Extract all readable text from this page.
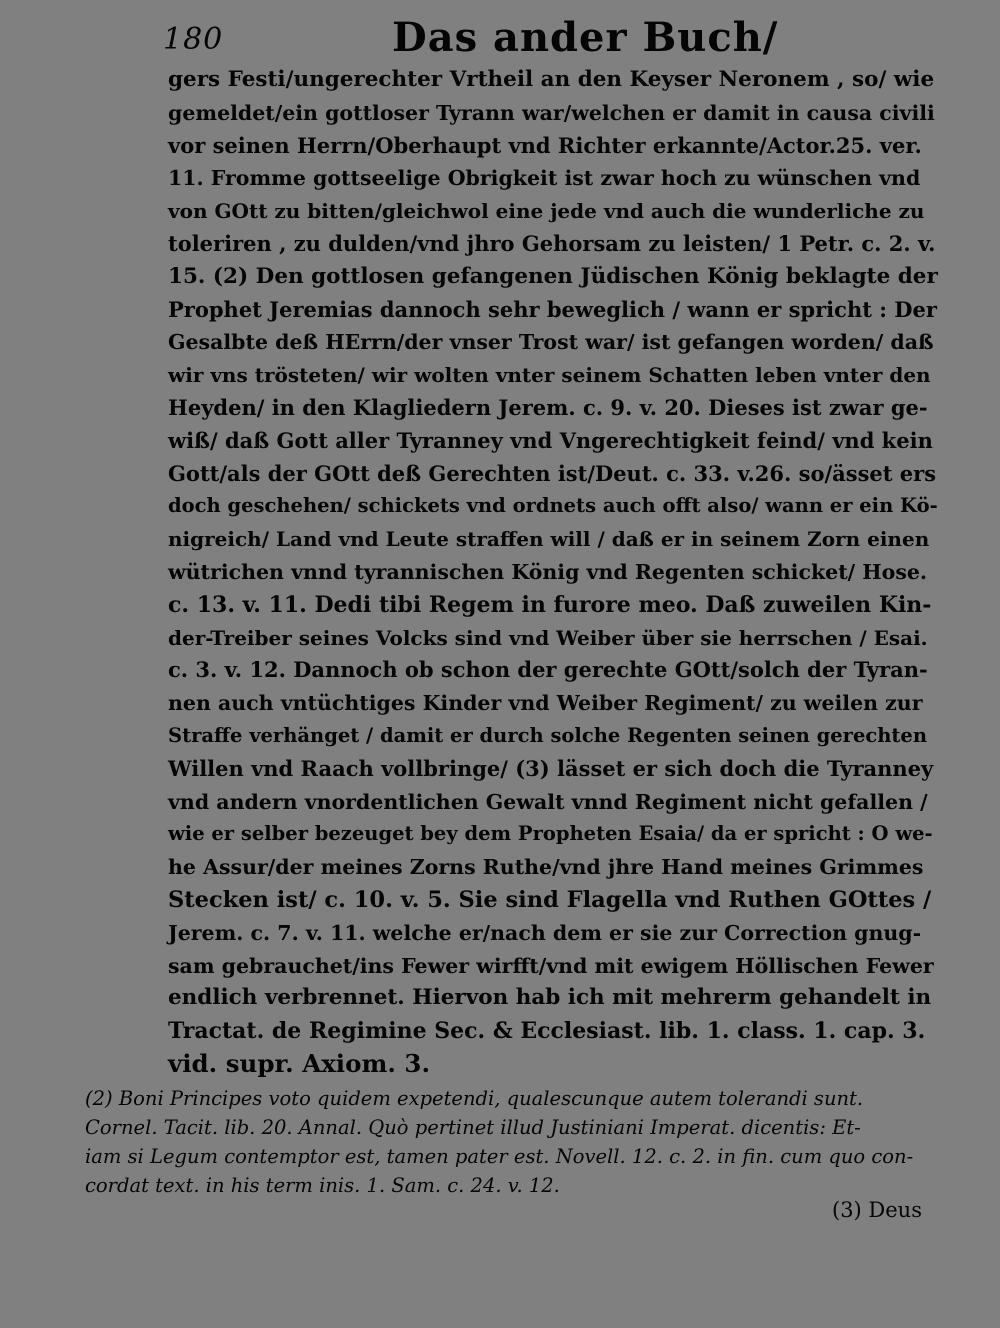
180	Das ander Buch/
gers Festi/ungerechter Vrtheil an den Keyser Neronem , so/ wie
gemeldet/ein gottloser Tyrann war/welchen er damit in causa civili
vor seinen Herrn/Oberhaupt vnd Richter erkannte/Actor.25. ver.
11. Fromme gottseelige Obrigkeit ist zwar hoch zu wünschen vnd
von GOtt zu bitten/gleichwol eine jede vnd auch die wunderliche zu
toleriren , zu dulden/vnd jhro Gehorsam zu leisten/ 1 Petr. c. 2. v.
15. (2) Den gottlosen gefangenen Jüdischen König beklagte der
Prophet Jeremias dannoch sehr beweglich / wann er spricht : Der
Gesalbte deß HErrn/der vnser Trost war/ ist gefangen worden/ daß
wir vns trösteten/ wir wolten vnter seinem Schatten leben vnter den
Heyden/ in den Klagliedern Jerem. c. 9. v. 20. Dieses ist zwar ge-
wiß/ daß Gott aller Tyranney vnd Vngerechtigkeit feind/ vnd kein
Gott/als der GOtt deß Gerechten ist/Deut. c. 33. v.26. so/ässet ers
doch geschehen/ schickets vnd ordnets auch offt also/ wann er ein Kö-
nigreich/ Land vnd Leute straffen will / daß er in seinem Zorn einen
wütrichen vnnd tyrannischen König vnd Regenten schicket/ Hose.
c. 13. v. 11. Dedi tibi Regem in furore meo. Daß zuweilen Kin-
der-Treiber seines Volcks sind vnd Weiber über sie herrschen / Esai.
c. 3. v. 12. Dannoch ob schon der gerechte GOtt/solch der Tyran-
nen auch vntüchtiges Kinder vnd Weiber Regiment/ zu weilen zur
Straffe verhänget / damit er durch solche Regenten seinen gerechten
Willen vnd Raach vollbringe/ (3) lässet er sich doch die Tyranney
vnd andern vnordentlichen Gewalt vnnd Regiment nicht gefallen /
wie er selber bezeuget bey dem Propheten Esaia/ da er spricht : O we-
he Assur/der meines Zorns Ruthe/vnd jhre Hand meines Grimmes
Stecken ist/ c. 10. v. 5. Sie sind Flagella vnd Ruthen GOttes /
Jerem. c. 7. v. 11. welche er/nach dem er sie zur Correction gnug-
sam gebrauchet/ins Fewer wirfft/vnd mit ewigem Höllischen Fewer
endlich verbrennet. Hiervon hab ich mit mehrerm gehandelt in
Tractat. de Regimine Sec. & Ecclesiast. lib. 1. class. 1. cap. 3.
vid. supr. Axiom. 3.
(2) Boni Principes voto quidem expetendi, qualescunque autem tolerandi sunt.
Cornel. Tacit. lib. 20. Annal. Quò pertinet illud Justiniani Imperat. dicentis: Et-
iam si Legum contemptor est, tamen pater est. Novell. 12. c. 2. in fin. cum quo con-
cordat text. in his term inis. 1. Sam. c. 24. v. 12.
(3) Deus
